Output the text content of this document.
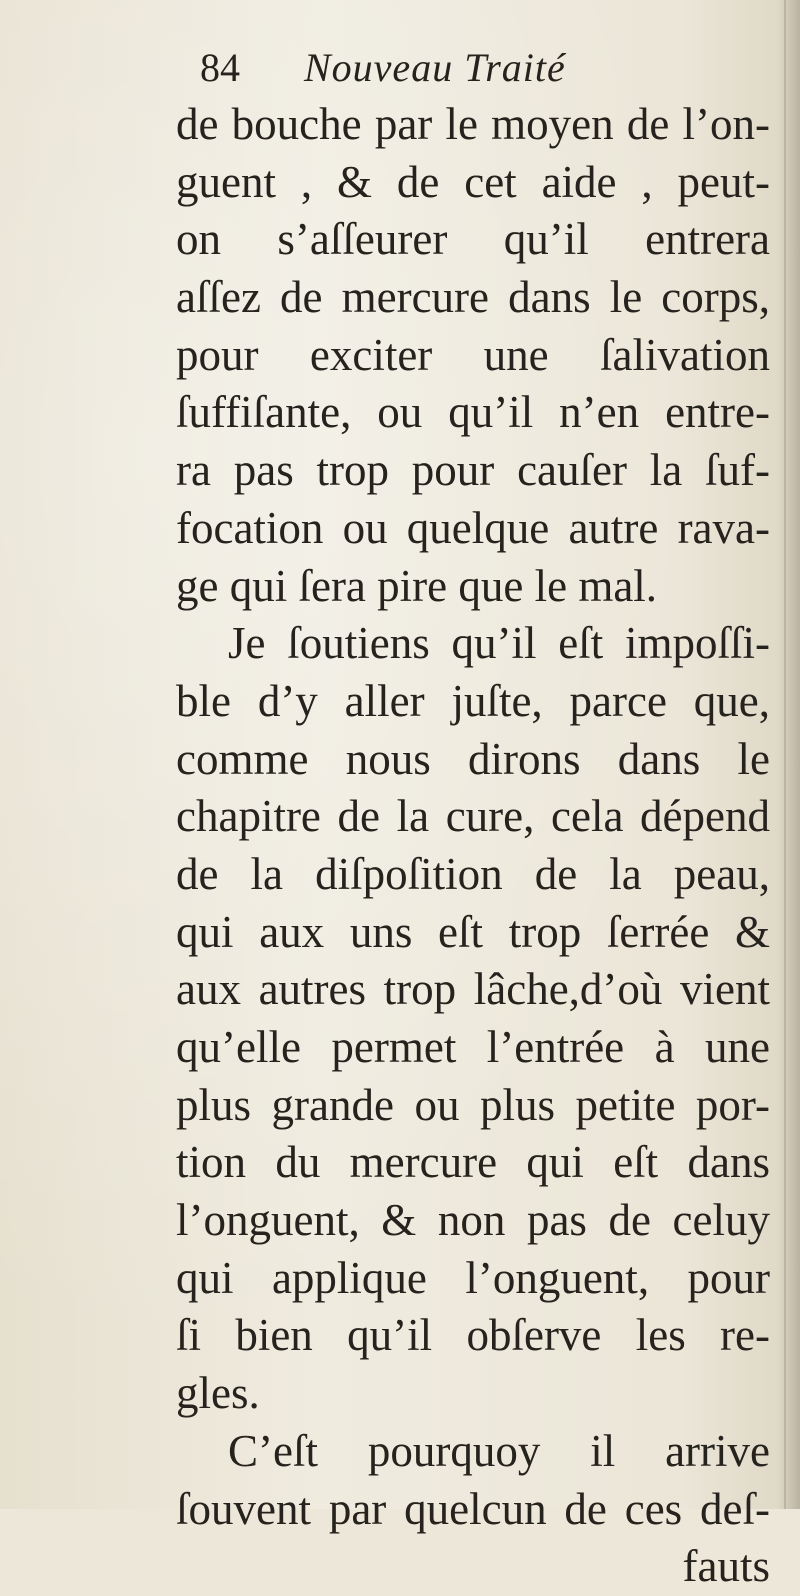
84 Nouveau Traité
de bouche par le moyen de l’on-
guent , & de cet aide , peut-
on s’aſſeurer qu’il entrera
aſſez de mercure dans le corps,
pour exciter une ſalivation
ſuffiſante, ou qu’il n’en entre-
ra pas trop pour cauſer la ſuf-
focation ou quelque autre rava-
ge qui ſera pire que le mal.
Je ſoutiens qu’il eſt impoſſi-
ble d’y aller juſte, parce que,
comme nous dirons dans le
chapitre de la cure, cela dépend
de la diſpoſition de la peau,
qui aux uns eſt trop ſerrée &
aux autres trop lâche,d’où vient
qu’elle permet l’entrée à une
plus grande ou plus petite por-
tion du mercure qui eſt dans
l’onguent, & non pas de celuy
qui applique l’onguent, pour
ſi bien qu’il obſerve les re-
gles.
C’eſt pourquoy il arrive
ſouvent par quelcun de ces deſ-
fauts
